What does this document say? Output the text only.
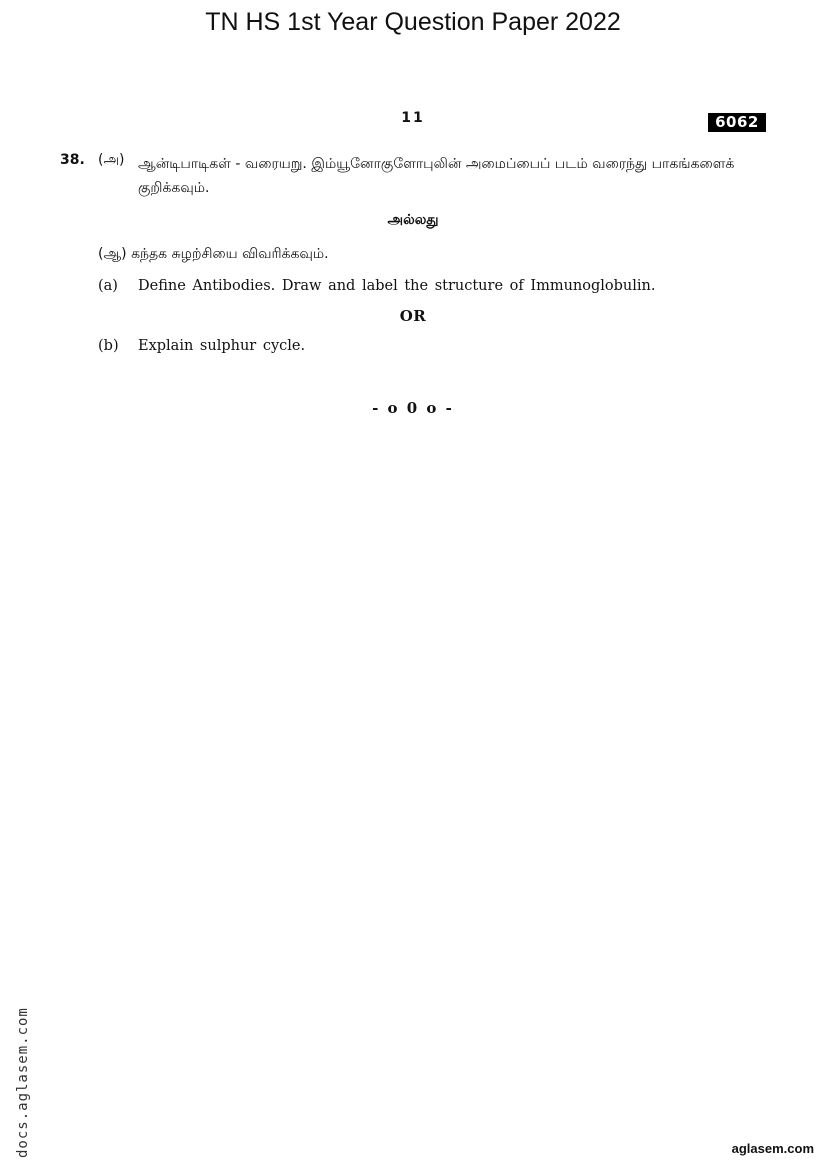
TN HS 1st Year Question Paper 2022
11	6062
38. (அ) ஆன்டிபாடிகள் - வரையறு. இம்யூனோகுளோபுலின் அமைப்பைப் படம் வரைந்து பாகங்களைக் குறிக்கவும்.
அல்லது
(ஆ) கந்தக சுழற்சியை விவரிக்கவும்.
(a) Define Antibodies. Draw and label the structure of Immunoglobulin.
OR
(b) Explain sulphur cycle.
- o 0 o -
docs.aglasem.com	aglasem.com
